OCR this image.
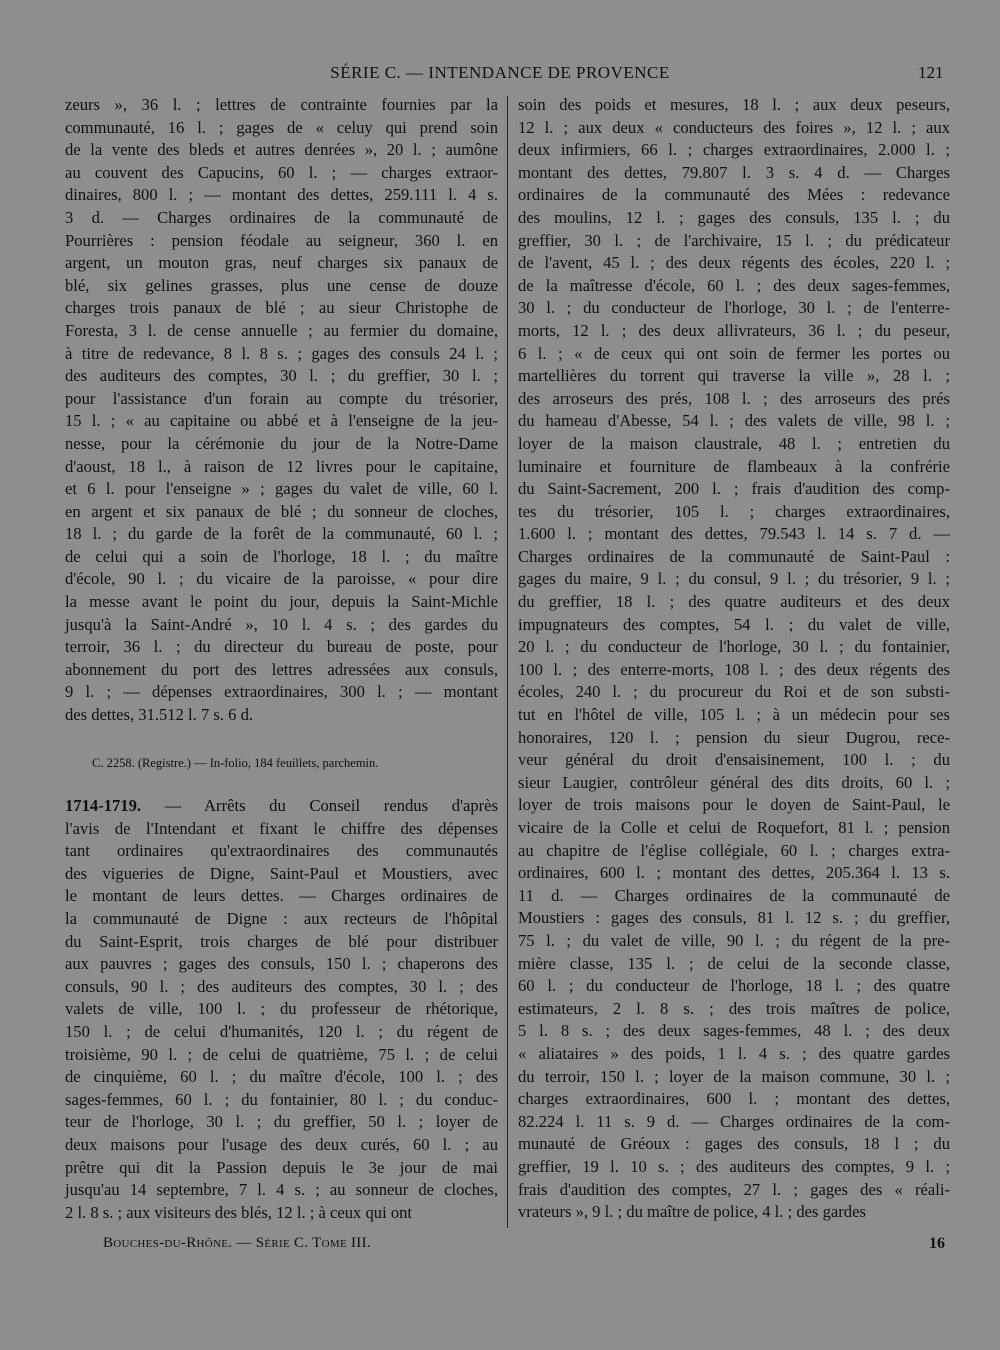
SÉRIE C. — INTENDANCE DE PROVENCE	121
zeurs », 36 l. ; lettres de contrainte fournies par la
communauté, 16 l. ; gages de « celuy qui prend soin
de la vente des bleds et autres denrées », 20 l. ; aumône
au couvent des Capucins, 60 l. ; — charges extraor-
dinaires, 800 l. ; — montant des dettes, 259.111 l. 4 s.
3 d. — Charges ordinaires de la communauté de
Pourrières : pension féodale au seigneur, 360 l. en
argent, un mouton gras, neuf charges six panaux de
blé, six gelines grasses, plus une cense de douze
charges trois panaux de blé ; au sieur Christophe de
Foresta, 3 l. de cense annuelle ; au fermier du domaine,
à titre de redevance, 8 l. 8 s. ; gages des consuls 24 l. ;
des auditeurs des comptes, 30 l. ; du greffier, 30 l. ;
pour l'assistance d'un forain au compte du trésorier,
15 l. ; « au capitaine ou abbé et à l'enseigne de la jeu-
nesse, pour la cérémonie du jour de la Notre-Dame
d'aoust, 18 l., à raison de 12 livres pour le capitaine,
et 6 l. pour l'enseigne » ; gages du valet de ville, 60 l.
en argent et six panaux de blé ; du sonneur de cloches,
18 l. ; du garde de la forêt de la communauté, 60 l. ;
de celui qui a soin de l'horloge, 18 l. ; du maître
d'école, 90 l. ; du vicaire de la paroisse, « pour dire
la messe avant le point du jour, depuis la Saint-Michle
jusqu'à la Saint-André », 10 l. 4 s. ; des gardes du
terroir, 36 l. ; du directeur du bureau de poste, pour
abonnement du port des lettres adressées aux consuls,
9 l. ; — dépenses extraordinaires, 300 l. ; — montant
des dettes, 31.512 l. 7 s. 6 d.
C. 2258. (Registre.) — In-folio, 184 feuillets, parchemin.
1714-1719. — Arrêts du Conseil rendus d'après
l'avis de l'Intendant et fixant le chiffre des dépenses
tant ordinaires qu'extraordinaires des communautés
des vigueries de Digne, Saint-Paul et Moustiers, avec
le montant de leurs dettes. — Charges ordinaires de
la communauté de Digne : aux recteurs de l'hôpital
du Saint-Esprit, trois charges de blé pour distribuer
aux pauvres ; gages des consuls, 150 l. ; chaperons des
consuls, 90 l. ; des auditeurs des comptes, 30 l. ; des
valets de ville, 100 l. ; du professeur de rhétorique,
150 l. ; de celui d'humanités, 120 l. ; du régent de
troisième, 90 l. ; de celui de quatrième, 75 l. ; de celui
de cinquième, 60 l. ; du maître d'école, 100 l. ; des
sages-femmes, 60 l. ; du fontainier, 80 l. ; du conduc-
teur de l'horloge, 30 l. ; du greffier, 50 l. ; loyer de
deux maisons pour l'usage des deux curés, 60 l. ; au
prêtre qui dit la Passion depuis le 3e jour de mai
jusqu'au 14 septembre, 7 l. 4 s. ; au sonneur de cloches,
2 l. 8 s. ; aux visiteurs des blés, 12 l. ; à ceux qui ont
soin des poids et mesures, 18 l. ; aux deux peseurs,
12 l. ; aux deux « conducteurs des foires », 12 l. ; aux
deux infirmiers, 66 l. ; charges extraordinaires, 2.000 l. ;
montant des dettes, 79.807 l. 3 s. 4 d. — Charges
ordinaires de la communauté des Mées : redevance
des moulins, 12 l. ; gages des consuls, 135 l. ; du
greffier, 30 l. ; de l'archivaire, 15 l. ; du prédicateur
de l'avent, 45 l. ; des deux régents des écoles, 220 l. ;
de la maîtresse d'école, 60 l. ; des deux sages-femmes,
30 l. ; du conducteur de l'horloge, 30 l. ; de l'enterre-
morts, 12 l. ; des deux allivrateurs, 36 l. ; du peseur,
6 l. ; « de ceux qui ont soin de fermer les portes ou
martellières du torrent qui traverse la ville », 28 l. ;
des arroseurs des prés, 108 l. ; des arroseurs des prés
du hameau d'Abesse, 54 l. ; des valets de ville, 98 l. ;
loyer de la maison claustrale, 48 l. ; entretien du
luminaire et fourniture de flambeaux à la confrérie
du Saint-Sacrement, 200 l. ; frais d'audition des comp-
tes du trésorier, 105 l. ; charges extraordinaires,
1.600 l. ; montant des dettes, 79.543 l. 14 s. 7 d. —
Charges ordinaires de la communauté de Saint-Paul :
gages du maire, 9 l. ; du consul, 9 l. ; du trésorier, 9 l. ;
du greffier, 18 l. ; des quatre auditeurs et des deux
impugnateurs des comptes, 54 l. ; du valet de ville,
20 l. ; du conducteur de l'horloge, 30 l. ; du fontainier,
100 l. ; des enterre-morts, 108 l. ; des deux régents des
écoles, 240 l. ; du procureur du Roi et de son substi-
tut en l'hôtel de ville, 105 l. ; à un médecin pour ses
honoraires, 120 l. ; pension du sieur Dugrou, rece-
veur général du droit d'ensaisinement, 100 l. ; du
sieur Laugier, contrôleur général des dits droits, 60 l. ;
loyer de trois maisons pour le doyen de Saint-Paul, le
vicaire de la Colle et celui de Roquefort, 81 l. ; pension
au chapitre de l'église collégiale, 60 l. ; charges extra-
ordinaires, 600 l. ; montant des dettes, 205.364 l. 13 s.
11 d. — Charges ordinaires de la communauté de
Moustiers : gages des consuls, 81 l. 12 s. ; du greffier,
75 l. ; du valet de ville, 90 l. ; du régent de la pre-
mière classe, 135 l. ; de celui de la seconde classe,
60 l. ; du conducteur de l'horloge, 18 l. ; des quatre
estimateurs, 2 l. 8 s. ; des trois maîtres de police,
5 l. 8 s. ; des deux sages-femmes, 48 l. ; des deux
« aliataires » des poids, 1 l. 4 s. ; des quatre gardes
du terroir, 150 l. ; loyer de la maison commune, 30 l. ;
charges extraordinaires, 600 l. ; montant des dettes,
82.224 l. 11 s. 9 d. — Charges ordinaires de la com-
munauté de Gréoux : gages des consuls, 18 l ; du
greffier, 19 l. 10 s. ; des auditeurs des comptes, 9 l. ;
frais d'audition des comptes, 27 l. ; gages des « réali-
vrateurs », 9 l. ; du maître de police, 4 l. ; des gardes
Bouches-du-Rhône. — Série C. Tome III.	16
